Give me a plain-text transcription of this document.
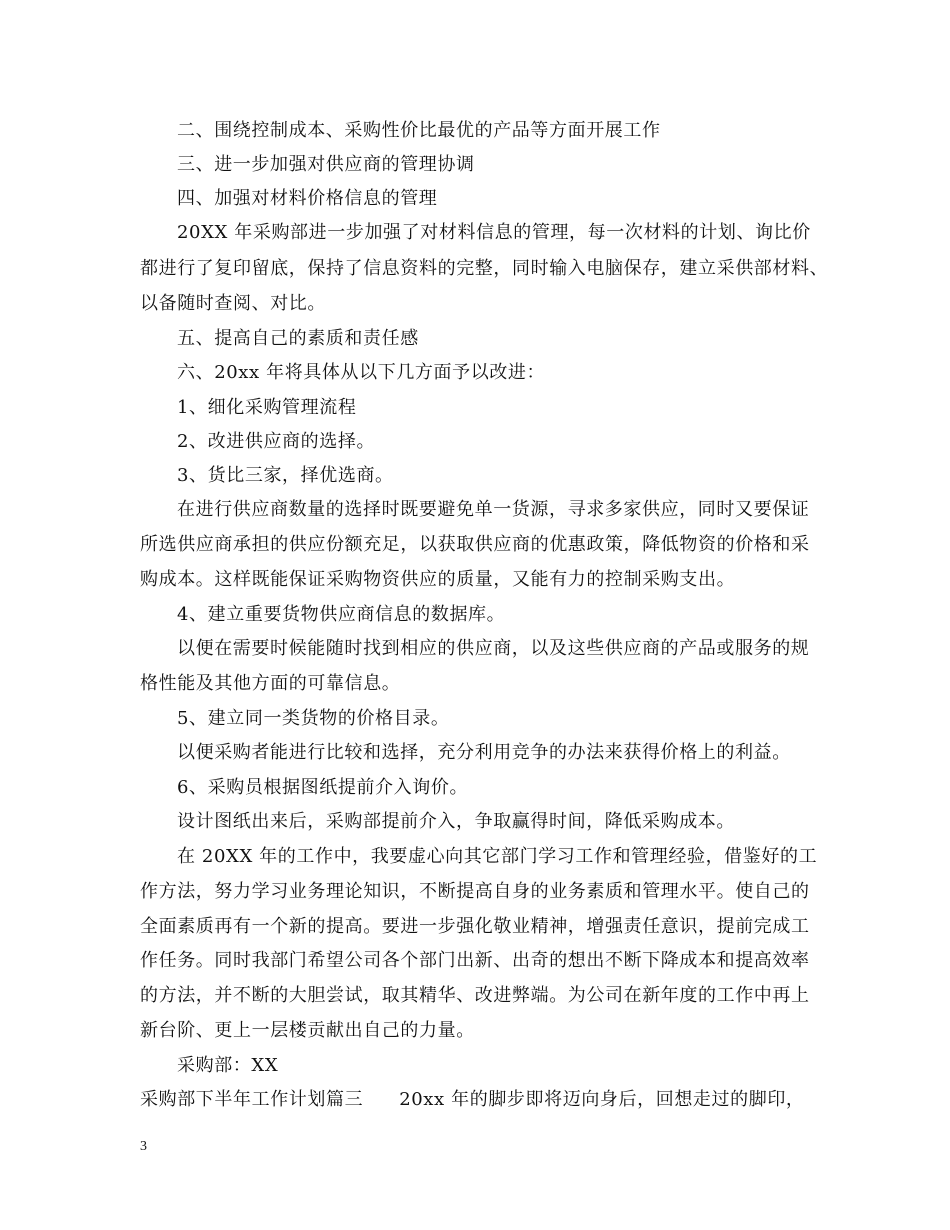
二、围绕控制成本、采购性价比最优的产品等方面开展工作
三、进一步加强对供应商的管理协调
四、加强对材料价格信息的管理
20XX 年采购部进一步加强了对材料信息的管理，每一次材料的计划、询比价
都进行了复印留底，保持了信息资料的完整，同时输入电脑保存，建立采供部材料、
以备随时查阅、对比。
五、提高自己的素质和责任感
六、20xx 年将具体从以下几方面予以改进：
1、细化采购管理流程
2、改进供应商的选择。
3、货比三家，择优选商。
在进行供应商数量的选择时既要避免单一货源，寻求多家供应，同时又要保证
所选供应商承担的供应份额充足，以获取供应商的优惠政策，降低物资的价格和采
购成本。这样既能保证采购物资供应的质量，又能有力的控制采购支出。
4、建立重要货物供应商信息的数据库。
以便在需要时候能随时找到相应的供应商，以及这些供应商的产品或服务的规
格性能及其他方面的可靠信息。
5、建立同一类货物的价格目录。
以便采购者能进行比较和选择，充分利用竞争的办法来获得价格上的利益。
6、采购员根据图纸提前介入询价。
设计图纸出来后，采购部提前介入，争取赢得时间，降低采购成本。
在 20XX 年的工作中，我要虚心向其它部门学习工作和管理经验，借鉴好的工
作方法，努力学习业务理论知识，不断提高自身的业务素质和管理水平。使自己的
全面素质再有一个新的提高。要进一步强化敬业精神，增强责任意识，提前完成工
作任务。同时我部门希望公司各个部门出新、出奇的想出不断下降成本和提高效率
的方法，并不断的大胆尝试，取其精华、改进弊端。为公司在新年度的工作中再上
新台阶、更上一层楼贡献出自己的力量。
采购部：XX
采购部下半年工作计划篇三 20xx 年的脚步即将迈向身后，回想走过的脚印，
3
